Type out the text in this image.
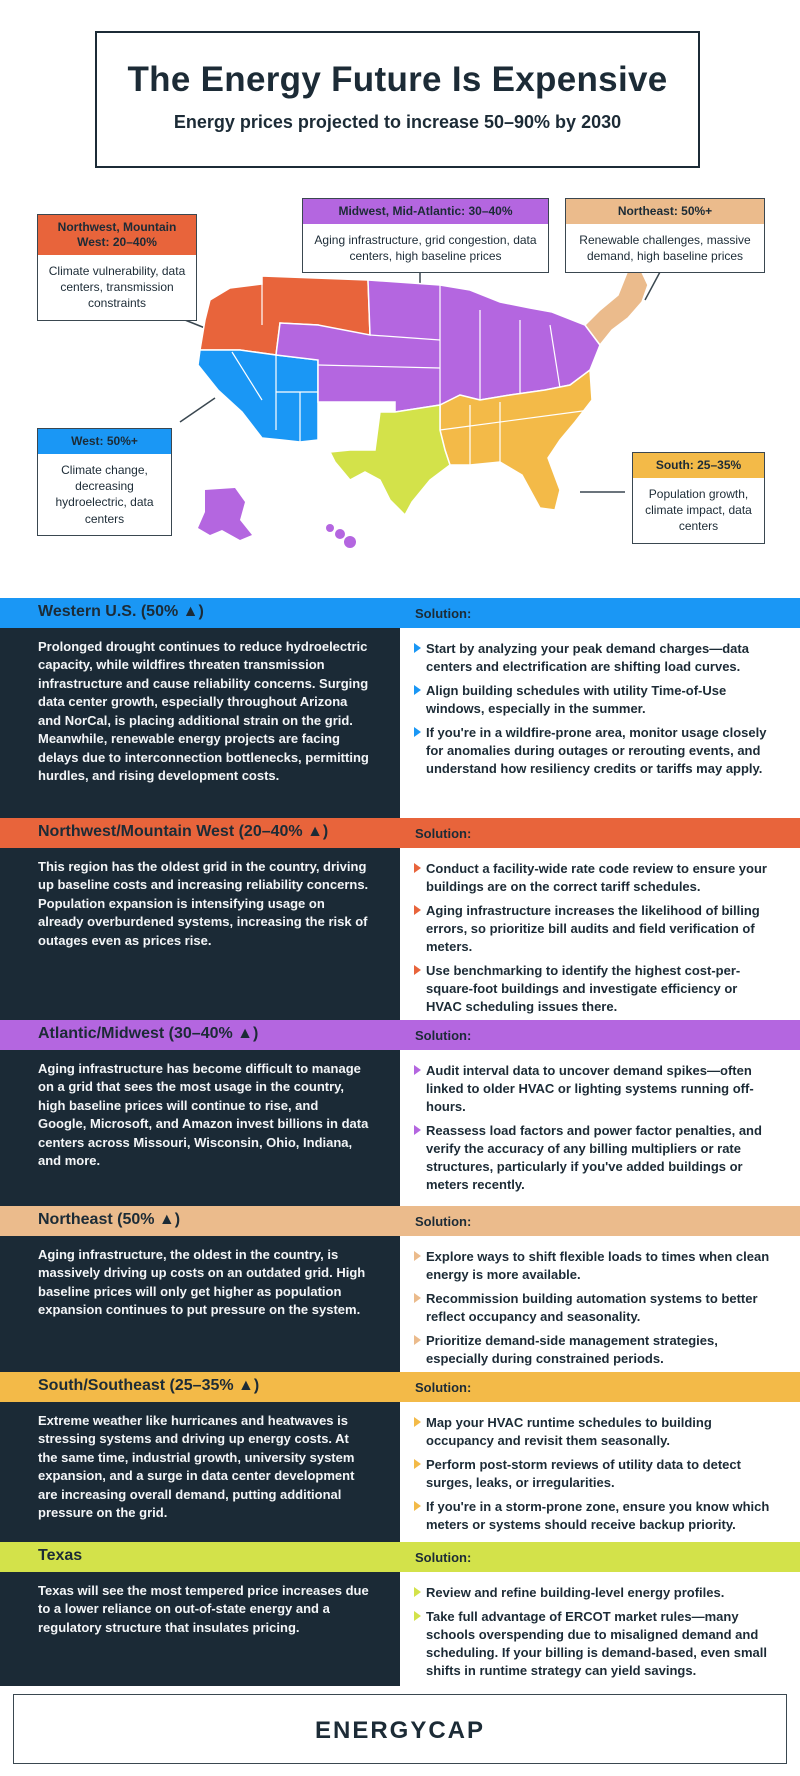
The Energy Future Is Expensive
Energy prices projected to increase 50–90% by 2030
Northwest, Mountain West: 20–40%
Climate vulnerability, data centers, transmission constraints
Midwest, Mid-Atlantic: 30–40%
Aging infrastructure, grid congestion, data centers, high baseline prices
Northeast: 50%+
Renewable challenges, massive demand, high baseline prices
West: 50%+
Climate change, decreasing hydroelectric, data centers
South: 25–35%
Population growth, climate impact, data centers
Western U.S. (50% ▲)	Solution:

Prolonged drought continues to reduce hydroelectric capacity, while wildfires threaten transmission infrastructure and cause reliability concerns. Surging data center growth, especially throughout Arizona and NorCal, is placing additional strain on the grid. Meanwhile, renewable energy projects are facing delays due to interconnection bottlenecks, permitting hurdles, and rising development costs.

Start by analyzing your peak demand charges—data centers and electrification are shifting load curves.
Align building schedules with utility Time-of-Use windows, especially in the summer.
If you're in a wildfire-prone area, monitor usage closely for anomalies during outages or rerouting events, and understand how resiliency credits or tariffs may apply.
Northwest/Mountain West (20–40% ▲)	Solution:

This region has the oldest grid in the country, driving up baseline costs and increasing reliability concerns. Population expansion is intensifying usage on already overburdened systems, increasing the risk of outages even as prices rise.

Conduct a facility-wide rate code review to ensure your buildings are on the correct tariff schedules.
Aging infrastructure increases the likelihood of billing errors, so prioritize bill audits and field verification of meters.
Use benchmarking to identify the highest cost-per-square-foot buildings and investigate efficiency or HVAC scheduling issues there.
Atlantic/Midwest (30–40% ▲)	Solution:

Aging infrastructure has become difficult to manage on a grid that sees the most usage in the country, high baseline prices will continue to rise, and Google, Microsoft, and Amazon invest billions in data centers across Missouri, Wisconsin, Ohio, Indiana, and more.

Audit interval data to uncover demand spikes—often linked to older HVAC or lighting systems running off-hours.
Reassess load factors and power factor penalties, and verify the accuracy of any billing multipliers or rate structures, particularly if you've added buildings or meters recently.
Northeast (50% ▲)	Solution:

Aging infrastructure, the oldest in the country, is massively driving up costs on an outdated grid. High baseline prices will only get higher as population expansion continues to put pressure on the system.

Explore ways to shift flexible loads to times when clean energy is more available.
Recommission building automation systems to better reflect occupancy and seasonality.
Prioritize demand-side management strategies, especially during constrained periods.
South/Southeast (25–35% ▲)	Solution:

Extreme weather like hurricanes and heatwaves is stressing systems and driving up energy costs. At the same time, industrial growth, university system expansion, and a surge in data center development are increasing overall demand, putting additional pressure on the grid.

Map your HVAC runtime schedules to building occupancy and revisit them seasonally.
Perform post-storm reviews of utility data to detect surges, leaks, or irregularities.
If you're in a storm-prone zone, ensure you know which meters or systems should receive backup priority.
Texas	Solution:

Texas will see the most tempered price increases due to a lower reliance on out-of-state energy and a regulatory structure that insulates pricing.

Review and refine building-level energy profiles.
Take full advantage of ERCOT market rules—many schools overspending due to misaligned demand and scheduling. If your billing is demand-based, even small shifts in runtime strategy can yield savings.
ENERGYCAP
